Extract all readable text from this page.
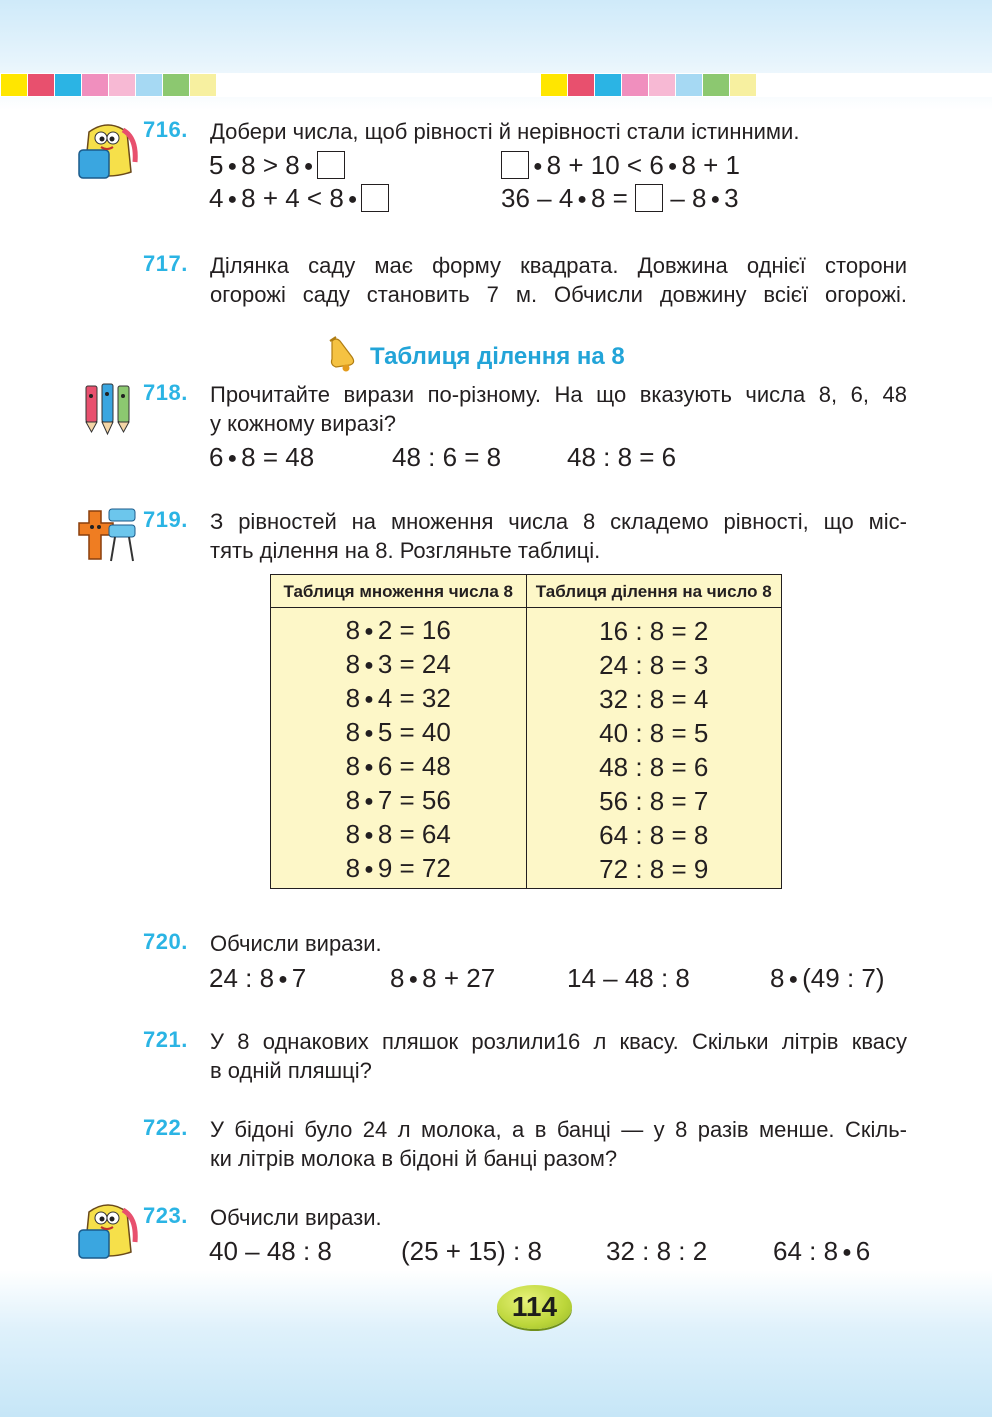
716. Добери числа, щоб рівності й нерівності стали істинними.
5 ● 8 > 8 ●	● 8 + 10 < 6 ● 8 + 1
4 ● 8 + 4 < 8 ●	36 – 4 ● 8 = – 8 ● 3
717. Ділянка саду має форму квадрата. Довжина однієї сторони
огорожі саду становить 7 м. Обчисли довжину всієї огорожі.
Таблиця ділення на 8
718. Прочитайте вирази по-різному. На що вказують числа 8, 6, 48
у кожному виразі?
6 ● 8 = 48	48 : 6 = 8	48 : 8 = 6
719. З рівностей на множення числа 8 складемо рівності, що міс-
тять ділення на 8. Розгляньте таблиці.
Таблиця множення числа 8	Таблиця ділення на число 8
8 ● 2 = 16	16 : 8 = 2
8 ● 3 = 24	24 : 8 = 3
8 ● 4 = 32	32 : 8 = 4
8 ● 5 = 40	40 : 8 = 5
8 ● 6 = 48	48 : 8 = 6
8 ● 7 = 56	56 : 8 = 7
8 ● 8 = 64	64 : 8 = 8
8 ● 9 = 72	72 : 8 = 9
720. Обчисли вирази.
24 : 8 ● 7	8 ● 8 + 27	14 – 48 : 8	8 ● (49 : 7)
721. У 8 однакових пляшок розлили16 л квасу. Скільки літрів квасу
в одній пляшці?
722. У бідоні було 24 л молока, а в банці — у 8 разів менше. Скіль-
ки літрів молока в бідоні й банці разом?
723. Обчисли вирази.
40 – 48 : 8	(25 + 15) : 8 32 : 8 : 2	64 : 8 ● 6
114
